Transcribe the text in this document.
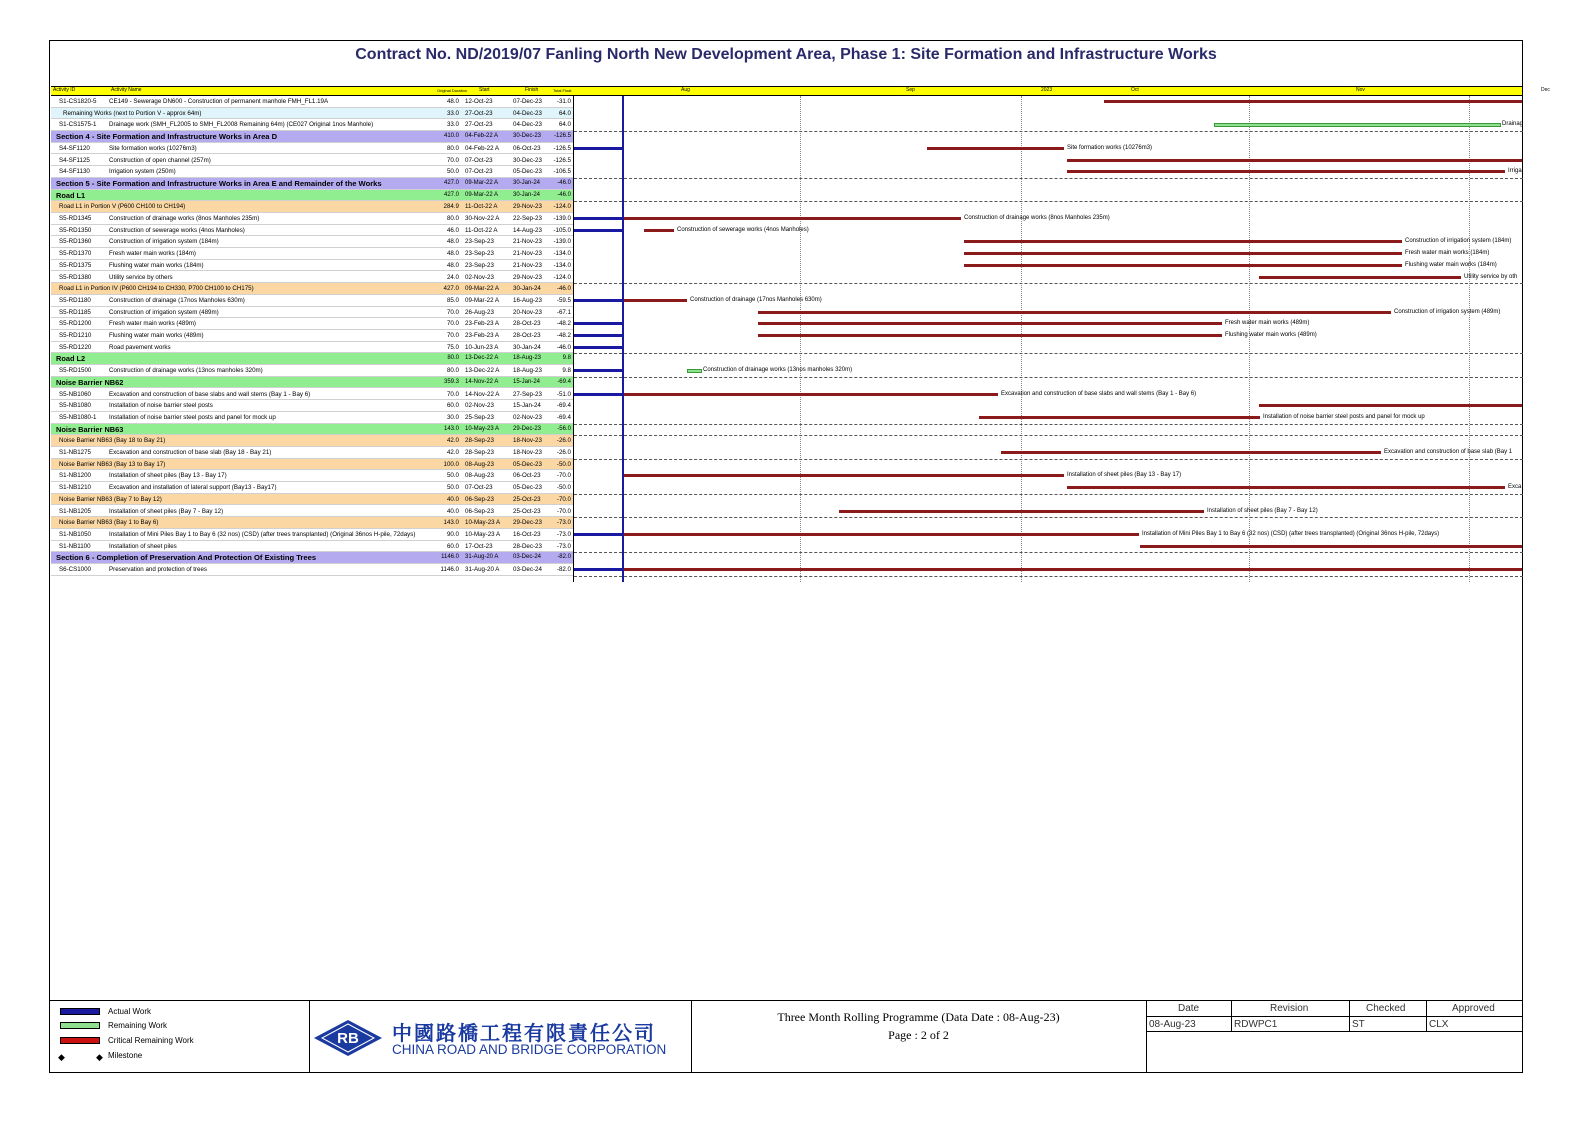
Contract No. ND/2019/07 Fanling North New Development Area, Phase 1: Site Formation and Infrastructure Works
Activity ID	Activity Name	Original Duration Start	Finish	Total Float	Aug	Sep	2023	Oct	Nov	Dec
S1-CS1820-5 CE149 - Sewerage DN600 - Construction of permanent manhole FMH_FL1.19A	48.0 12-Oct-23	07-Dec-23	-31.0
Remaining Works (next to Portion V - approx 64m)	33.0 27-Oct-23	04-Dec-23	64.0
S1-CS1575-1 Drainage work (SMH_FL2005 to SMH_FL2008 Remaining 64m) (CE027 Original 1nos Manhole)	33.0 27-Oct-23	04-Dec-23	64.0
Section 4 - Site Formation and Infrastructure Works in Area D	410.0 04-Feb-22 A	30-Dec-23	-126.5
S4-SF1120	Site formation works (10276m3)	80.0 04-Feb-22 A	06-Oct-23	-126.5
S4-SF1125	Construction of open channel (257m)	70.0 07-Oct-23	30-Dec-23	-126.5
S4-SF1130	Irrigation system (250m)	50.0 07-Oct-23	05-Dec-23	-106.5
Section 5 - Site Formation and Infrastructure Works in Area E and Remainder of the Works	427.0 09-Mar-22 A	30-Jan-24	-46.0
Road L1	427.0 09-Mar-22 A	30-Jan-24	-46.0
Road L1 in Portion V (P600 CH100 to CH194)	284.9 11-Oct-22 A	29-Nov-23	-124.0
S5-RD1345	Construction of drainage works (8nos Manholes 235m)	80.0 30-Nov-22 A	22-Sep-23	-139.0
S5-RD1350	Construction of sewerage works (4nos Manholes)	46.0 11-Oct-22 A	14-Aug-23	-105.0
S5-RD1360	Construction of irrigation system (184m)	48.0 23-Sep-23	21-Nov-23	-139.0
S5-RD1370	Fresh water main works (184m)	48.0 23-Sep-23	21-Nov-23	-134.0
S5-RD1375	Flushing water main works (184m)	48.0 23-Sep-23	21-Nov-23	-134.0
S5-RD1380	Utility service by others	24.0 02-Nov-23	29-Nov-23	-124.0
Road L1 in Portion IV (P600 CH194 to CH330, P700 CH100 to CH175)	427.0 09-Mar-22 A	30-Jan-24	-46.0
S5-RD1180	Construction of drainage (17nos Manholes 630m)	85.0 09-Mar-22 A	16-Aug-23	-59.5
S5-RD1185	Construction of irrigation system (489m)	70.0 26-Aug-23	20-Nov-23	-67.1
S5-RD1200	Fresh water main works (489m)	70.0 23-Feb-23 A	28-Oct-23	-48.2
S5-RD1210	Flushing water main works (489m)	70.0 23-Feb-23 A	28-Oct-23	-48.2
S5-RD1220	Road pavement works	75.0 10-Jun-23 A	30-Jan-24	-46.0
Road L2	80.0 13-Dec-22 A	18-Aug-23	9.8
S5-RD1500	Construction of drainage works (13nos manholes 320m)	80.0 13-Dec-22 A	18-Aug-23	9.8
Noise Barrier NB62	359.3 14-Nov-22 A	15-Jan-24	-69.4
S5-NB1060	Excavation and construction of base slabs and wall stems (Bay 1 - Bay 6)	70.0 14-Nov-22 A	27-Sep-23	-51.0
S5-NB1080	Installation of noise barrier steel posts	60.0 02-Nov-23	15-Jan-24	-69.4
S5-NB1080-1 Installation of noise barrier steel posts and panel for mock up	30.0 25-Sep-23	02-Nov-23	-69.4
Noise Barrier NB63	143.0 10-May-23 A	29-Dec-23	-56.0
Noise Barrier NB63 (Bay 18 to Bay 21)	42.0 28-Sep-23	18-Nov-23	-26.0
S1-NB1275	Excavation and construction of base slab (Bay 18 - Bay 21)	42.0 28-Sep-23	18-Nov-23	-26.0
Noise Barrier NB63 (Bay 13 to Bay 17)	100.0 08-Aug-23	05-Dec-23	-50.0
S1-NB1200	Installation of sheet piles (Bay 13 - Bay 17)	50.0 08-Aug-23	06-Oct-23	-70.0
S1-NB1210	Excavation and installation of lateral support (Bay13 - Bay17)	50.0 07-Oct-23	05-Dec-23	-50.0
Noise Barrier NB63 (Bay 7 to Bay 12)	40.0 06-Sep-23	25-Oct-23	-70.0
S1-NB1205	Installation of sheet piles (Bay 7 - Bay 12)	40.0 06-Sep-23	25-Oct-23	-70.0
Noise Barrier NB63 (Bay 1 to Bay 6)	143.0 10-May-23 A	29-Dec-23	-73.0
S1-NB1050	Installation of Mini Piles Bay 1 to Bay 6 (32 nos) (CSD) (after trees transplanted) (Original 36nos H-pile, 72days)	90.0 10-May-23 A	16-Oct-23	-73.0
S1-NB1100	Installation of sheet piles	60.0 17-Oct-23	28-Dec-23	-73.0
Section 6 - Completion of Preservation And Protection Of Existing Trees	1146.0 31-Aug-20 A	03-Dec-24	-82.0
S6-CS1000	Preservation and protection of trees	1146.0 31-Aug-20 A	03-Dec-24	-82.0
Drainag
Site formation works (10276m3)
Irriga
Construction of drainage works (8nos Manholes 235m)
Construction of sewerage works (4nos Manholes)
Construction of irrigation system (184m)
Fresh water main works (184m)
Flushing water main works (184m)
Utility service by oth
Construction of drainage (17nos Manholes 630m)
Construction of irrigation system (489m)
Fresh water main works (489m)
Flushing water main works (489m)
Construction of drainage works (13nos manholes 320m)
Excavation and construction of base slabs and wall stems (Bay 1 - Bay 6)
Installation of noise barrier steel posts and panel for mock up
Excavation and construction of base slab (Bay 1
Installation of sheet piles (Bay 13 - Bay 17)
Exca
Installation of sheet piles (Bay 7 - Bay 12)
Installation of Mini Piles Bay 1 to Bay 6 (32 nos) (CSD) (after trees transplanted) (Original 36nos H-pile, 72days)
Actual Work
Remaining Work
Critical Remaining Work
◆	◆ Milestone
RB 中國路橋工程有限責任公司
CHINA ROAD AND BRIDGE CORPORATION
Three Month Rolling Programme (Data Date : 08-Aug-23)
Page : 2 of 2
Date	Revision	Checked	Approved
08-Aug-23	RDWPC1	ST	CLX
